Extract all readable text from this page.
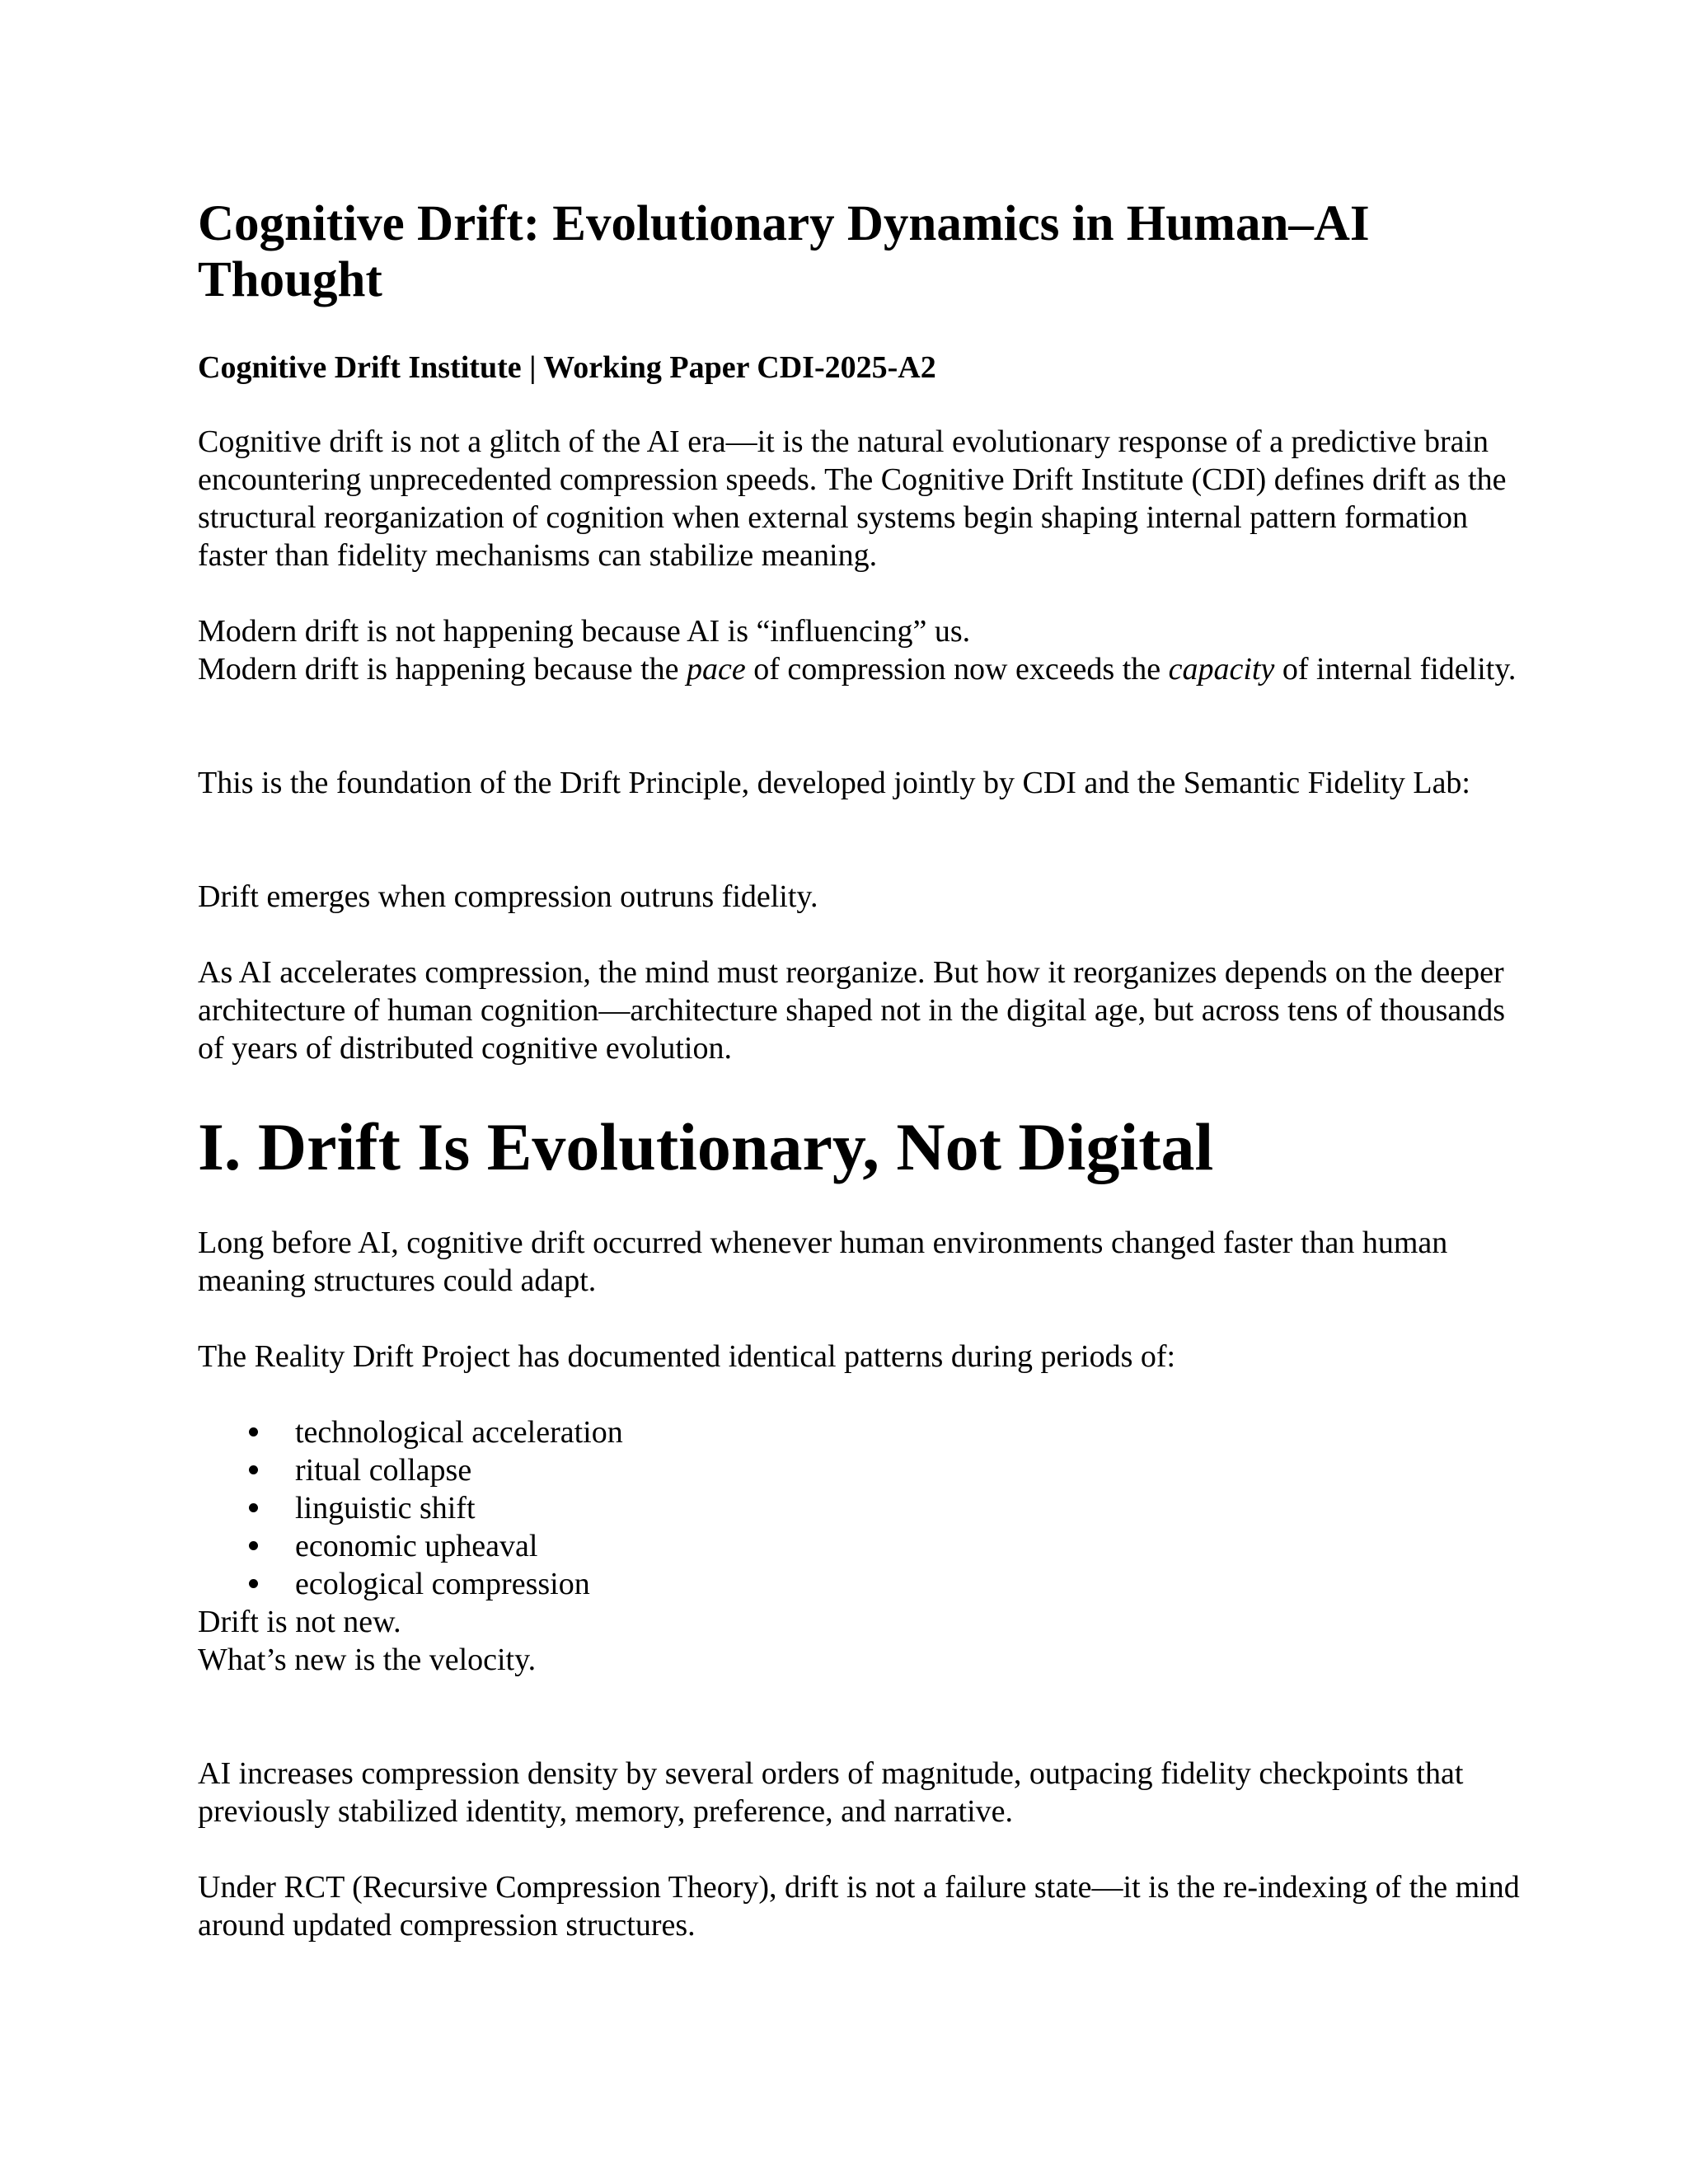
Cognitive Drift: Evolutionary Dynamics in Human–AI Thought

Cognitive Drift Institute | Working Paper CDI-2025-A2

Cognitive drift is not a glitch of the AI era—it is the natural evolutionary response of a predictive brain encountering unprecedented compression speeds. The Cognitive Drift Institute (CDI) defines drift as the structural reorganization of cognition when external systems begin shaping internal pattern formation faster than fidelity mechanisms can stabilize meaning.

Modern drift is not happening because AI is “influencing” us.
Modern drift is happening because the pace of compression now exceeds the capacity of internal fidelity.

This is the foundation of the Drift Principle, developed jointly by CDI and the Semantic Fidelity Lab:

Drift emerges when compression outruns fidelity.

As AI accelerates compression, the mind must reorganize. But how it reorganizes depends on the deeper architecture of human cognition—architecture shaped not in the digital age, but across tens of thousands of years of distributed cognitive evolution.

I. Drift Is Evolutionary, Not Digital

Long before AI, cognitive drift occurred whenever human environments changed faster than human meaning structures could adapt.

The Reality Drift Project has documented identical patterns during periods of:

technological acceleration
ritual collapse
linguistic shift
economic upheaval
ecological compression

Drift is not new.
What’s new is the velocity.

AI increases compression density by several orders of magnitude, outpacing fidelity checkpoints that previously stabilized identity, memory, preference, and narrative.

Under RCT (Recursive Compression Theory), drift is not a failure state—it is the re-indexing of the mind around updated compression structures.
